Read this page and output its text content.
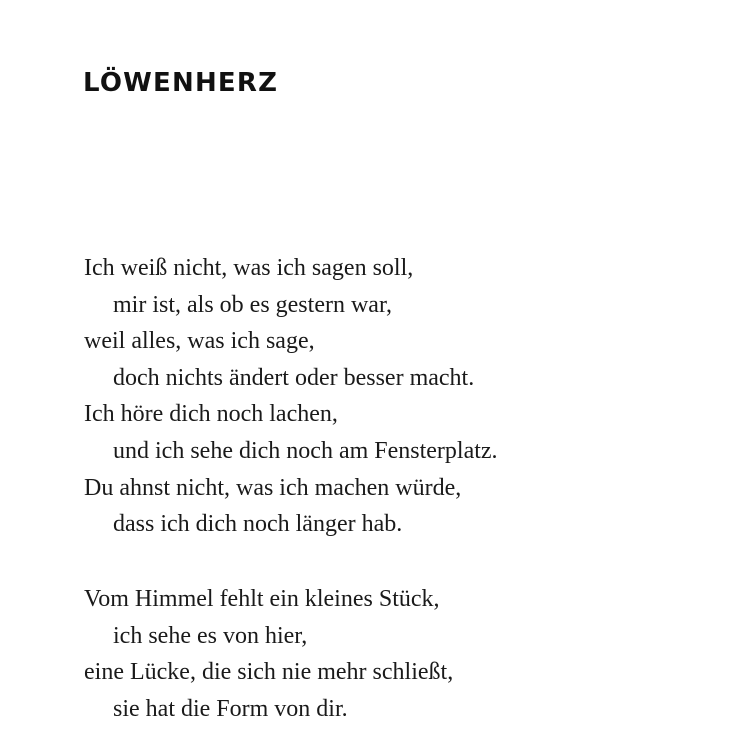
LÖWENHERZ
Ich weiß nicht, was ich sagen soll,
mir ist, als ob es gestern war,
weil alles, was ich sage,
doch nichts ändert oder besser macht.
Ich höre dich noch lachen,
und ich sehe dich noch am Fensterplatz.
Du ahnst nicht, was ich machen würde,
dass ich dich noch länger hab.
Vom Himmel fehlt ein kleines Stück,
ich sehe es von hier,
eine Lücke, die sich nie mehr schließt,
sie hat die Form von dir.
